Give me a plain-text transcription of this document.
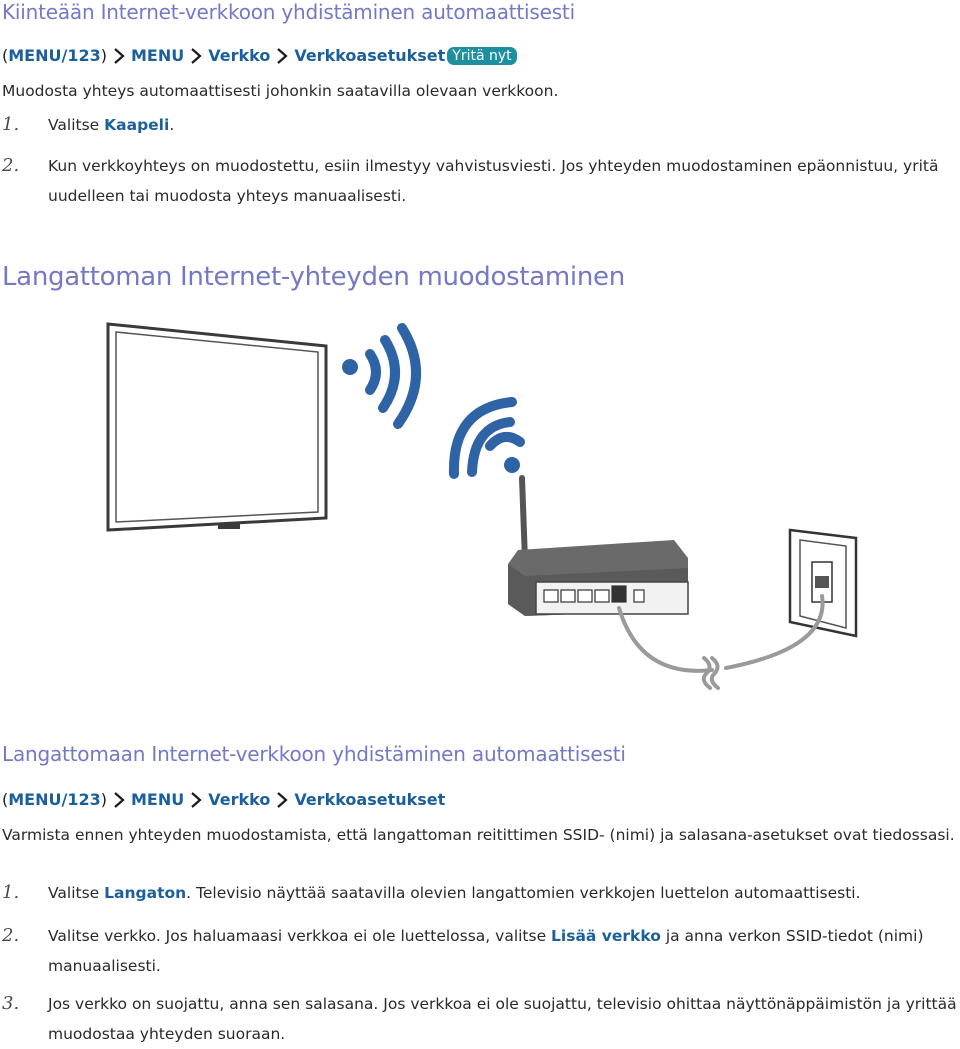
Kiinteään Internet-verkkoon yhdistäminen automaattisesti
( MENU/123 ) MENU Verkko Verkkoasetukset Yritä nyt

Muodosta yhteys automaattisesti johonkin saatavilla olevaan verkkoon.

1.	Valitse Kaapeli.
2.	Kun verkkoyhteys on muodostettu, esiin ilmestyy vahvistusviesti. Jos yhteyden muodostaminen epäonnistuu, yritä uudelleen tai muodosta yhteys manuaalisesti.
Langattoman Internet-yhteyden muodostaminen
Langattomaan Internet-verkkoon yhdistäminen automaattisesti
( MENU/123 ) MENU Verkko Verkkoasetukset

Varmista ennen yhteyden muodostamista, että langattoman reitittimen SSID- (nimi) ja salasana-asetukset ovat tiedossasi.

1.	Valitse Langaton. Televisio näyttää saatavilla olevien langattomien verkkojen luettelon automaattisesti.
2.	Valitse verkko. Jos haluamaasi verkkoa ei ole luettelossa, valitse Lisää verkko ja anna verkon SSID-tiedot (nimi) manuaalisesti.
3.	Jos verkko on suojattu, anna sen salasana. Jos verkkoa ei ole suojattu, televisio ohittaa näyttönäppäimistön ja yrittää muodostaa yhteyden suoraan.
